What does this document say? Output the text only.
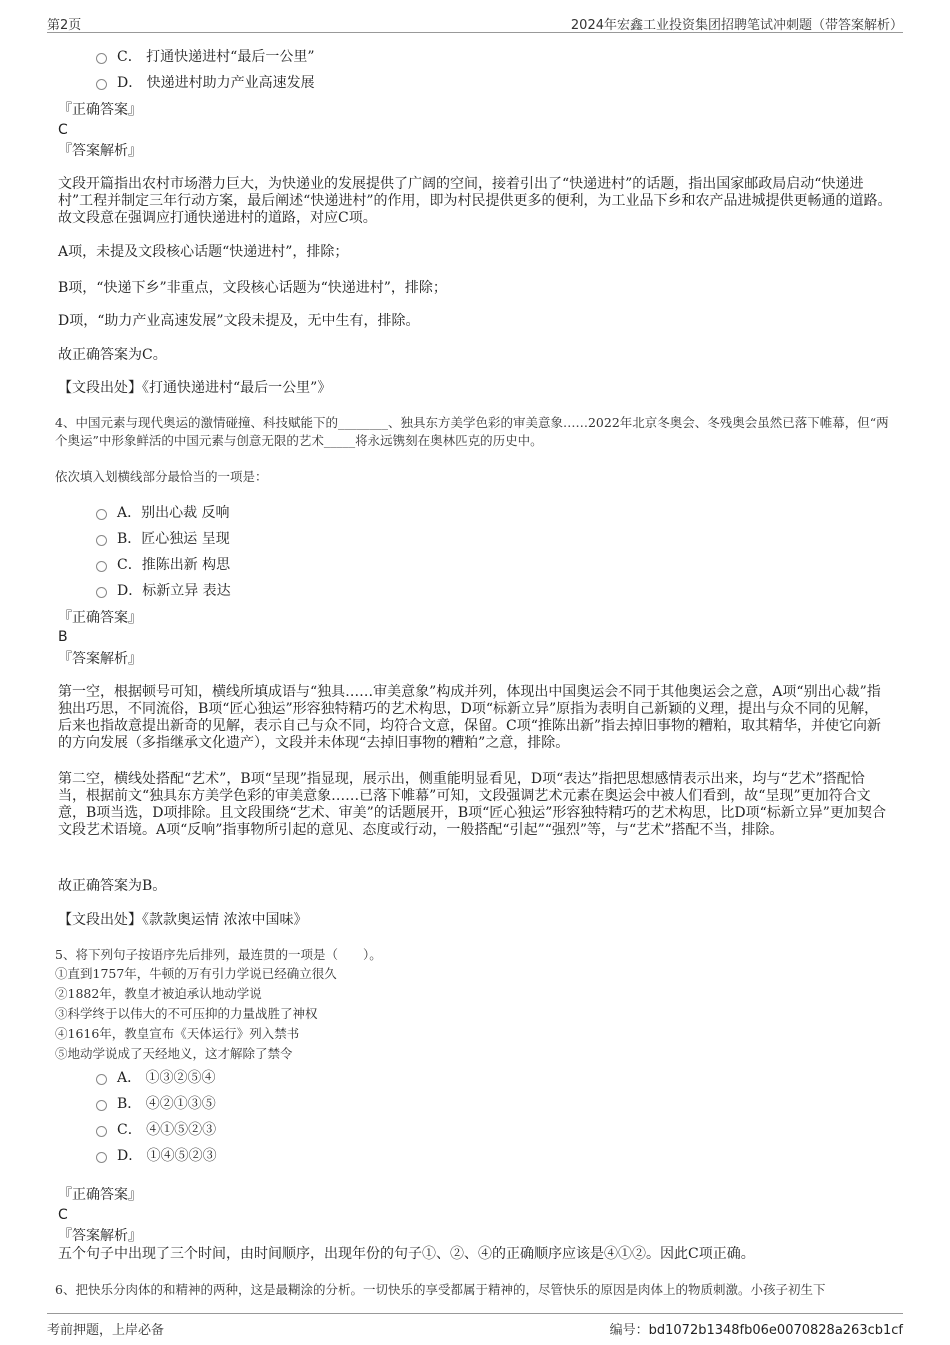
第2页	2024年宏鑫工业投资集团招聘笔试冲刺题（带答案解析）
C． 打通快递进村“最后一公里”
D． 快递进村助力产业高速发展
『正确答案』
C
『答案解析』
文段开篇指出农村市场潜力巨大，为快递业的发展提供了广阔的空间，接着引出了“快递进村”的话题，指出国家邮政局启动“快递进村”工程并制定三年行动方案，最后阐述“快递进村”的作用，即为村民提供更多的便利，为工业品下乡和农产品进城提供更畅通的道路。故文段意在强调应打通快递进村的道路，对应C项。
A项，未提及文段核心话题“快递进村”，排除；
B项，“快递下乡”非重点，文段核心话题为“快递进村”，排除；
D项，“助力产业高速发展”文段未提及，无中生有，排除。
故正确答案为C。
【文段出处】《打通快递进村“最后一公里”》
4、中国元素与现代奥运的激情碰撞、科技赋能下的________、独具东方美学色彩的审美意象……2022年北京冬奥会、冬残奥会虽然已落下帷幕，但“两个奥运”中形象鲜活的中国元素与创意无限的艺术_____将永远镌刻在奥林匹克的历史中。
依次填入划横线部分最恰当的一项是：
A．别出心裁 反响
B．匠心独运 呈现
C．推陈出新 构思
D．标新立异 表达
『正确答案』
B
『答案解析』
第一空，根据顿号可知，横线所填成语与“独具……审美意象”构成并列，体现出中国奥运会不同于其他奥运会之意，A项“别出心裁”指独出巧思，不同流俗，B项“匠心独运”形容独特精巧的艺术构思，D项“标新立异”原指为表明自己新颖的义理，提出与众不同的见解，后来也指故意提出新奇的见解，表示自己与众不同，均符合文意，保留。C项“推陈出新”指去掉旧事物的糟粕，取其精华，并使它向新的方向发展（多指继承文化遗产），文段并未体现“去掉旧事物的糟粕”之意，排除。
第二空，横线处搭配“艺术”，B项“呈现”指显现，展示出，侧重能明显看见，D项“表达”指把思想感情表示出来，均与“艺术”搭配恰当，根据前文“独具东方美学色彩的审美意象……已落下帷幕”可知，文段强调艺术元素在奥运会中被人们看到，故“呈现”更加符合文意，B项当选，D项排除。且文段围绕“艺术、审美”的话题展开，B项“匠心独运”形容独特精巧的艺术构思，比D项“标新立异”更加契合文段艺术语境。A项“反响”指事物所引起的意见、态度或行动，一般搭配“引起”“强烈”等，与“艺术”搭配不当，排除。
故正确答案为B。
【文段出处】《款款奥运情 浓浓中国味》
5、将下列句子按语序先后排列，最连贯的一项是（　　）。
①直到1757年，牛顿的万有引力学说已经确立很久
②1882年，教皇才被迫承认地动学说
③科学终于以伟大的不可压抑的力量战胜了神权
④1616年，教皇宣布《天体运行》列入禁书
⑤地动学说成了天经地义，这才解除了禁令
A． ①③②⑤④
B． ④②①③⑤
C． ④①⑤②③
D． ①④⑤②③
『正确答案』
C
『答案解析』
五个句子中出现了三个时间，由时间顺序，出现年份的句子①、②、④的正确顺序应该是④①②。因此C项正确。
6、把快乐分肉体的和精神的两种，这是最糊涂的分析。一切快乐的享受都属于精神的，尽管快乐的原因是肉体上的物质刺激。小孩子初生下
考前押题，上岸必备	编号：bd1072b1348fb06e0070828a263cb1cf
